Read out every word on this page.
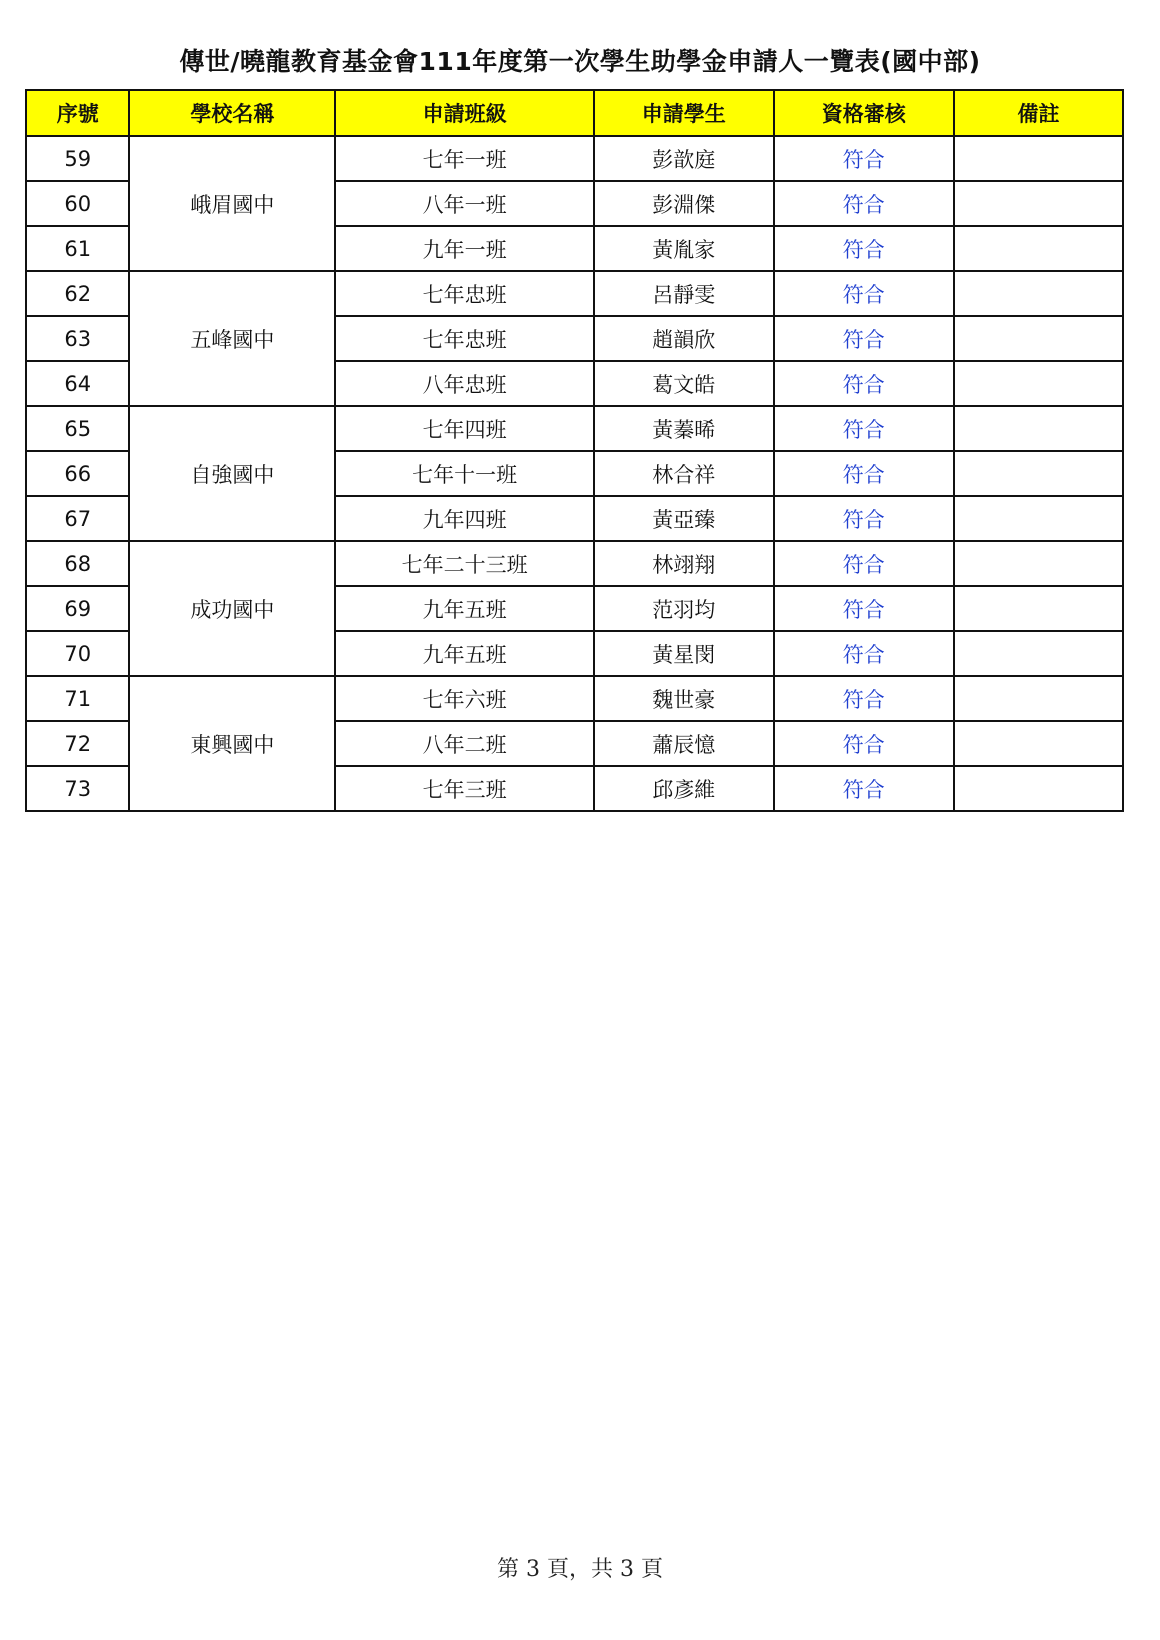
傳世/曉龍教育基金會111年度第一次學生助學金申請人一覽表(國中部)
序號	學校名稱	申請班級	申請學生	資格審核	備註
59	峨眉國中	七年一班	彭歆庭	符合	
60		八年一班	彭淵傑	符合	
61		九年一班	黃胤家	符合	
62	五峰國中	七年忠班	呂靜雯	符合	
63		七年忠班	趙韻欣	符合	
64		八年忠班	葛文皓	符合	
65	自強國中	七年四班	黃蓁晞	符合	
66		七年十一班	林合祥	符合	
67		九年四班	黃亞臻	符合	
68	成功國中	七年二十三班	林翊翔	符合	
69		九年五班	范羽均	符合	
70		九年五班	黃星閔	符合	
71	東興國中	七年六班	魏世豪	符合	
72		八年二班	蕭辰憶	符合	
73		七年三班	邱彥維	符合	
第 3 頁，共 3 頁
